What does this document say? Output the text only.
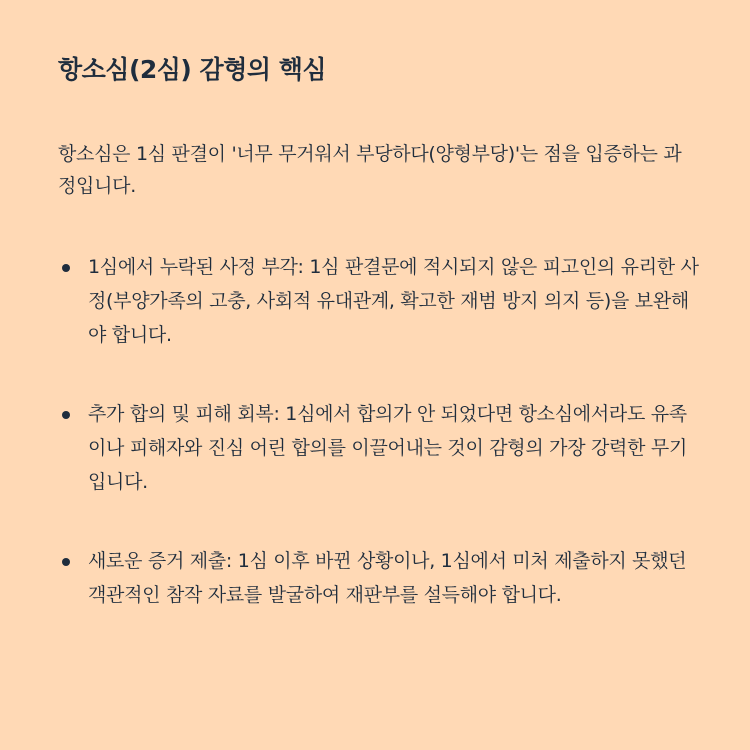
항소심(2심) 감형의 핵심

항소심은 1심 판결이 '너무 무거워서 부당하다(양형부당)'는 점을 입증하는 과정입니다.

1심에서 누락된 사정 부각: 1심 판결문에 적시되지 않은 피고인의 유리한 사정(부양가족의 고충, 사회적 유대관계, 확고한 재범 방지 의지 등)을 보완해야 합니다.
추가 합의 및 피해 회복: 1심에서 합의가 안 되었다면 항소심에서라도 유족이나 피해자와 진심 어린 합의를 이끌어내는 것이 감형의 가장 강력한 무기입니다.
새로운 증거 제출: 1심 이후 바뀐 상황이나, 1심에서 미처 제출하지 못했던 객관적인 참작 자료를 발굴하여 재판부를 설득해야 합니다.
